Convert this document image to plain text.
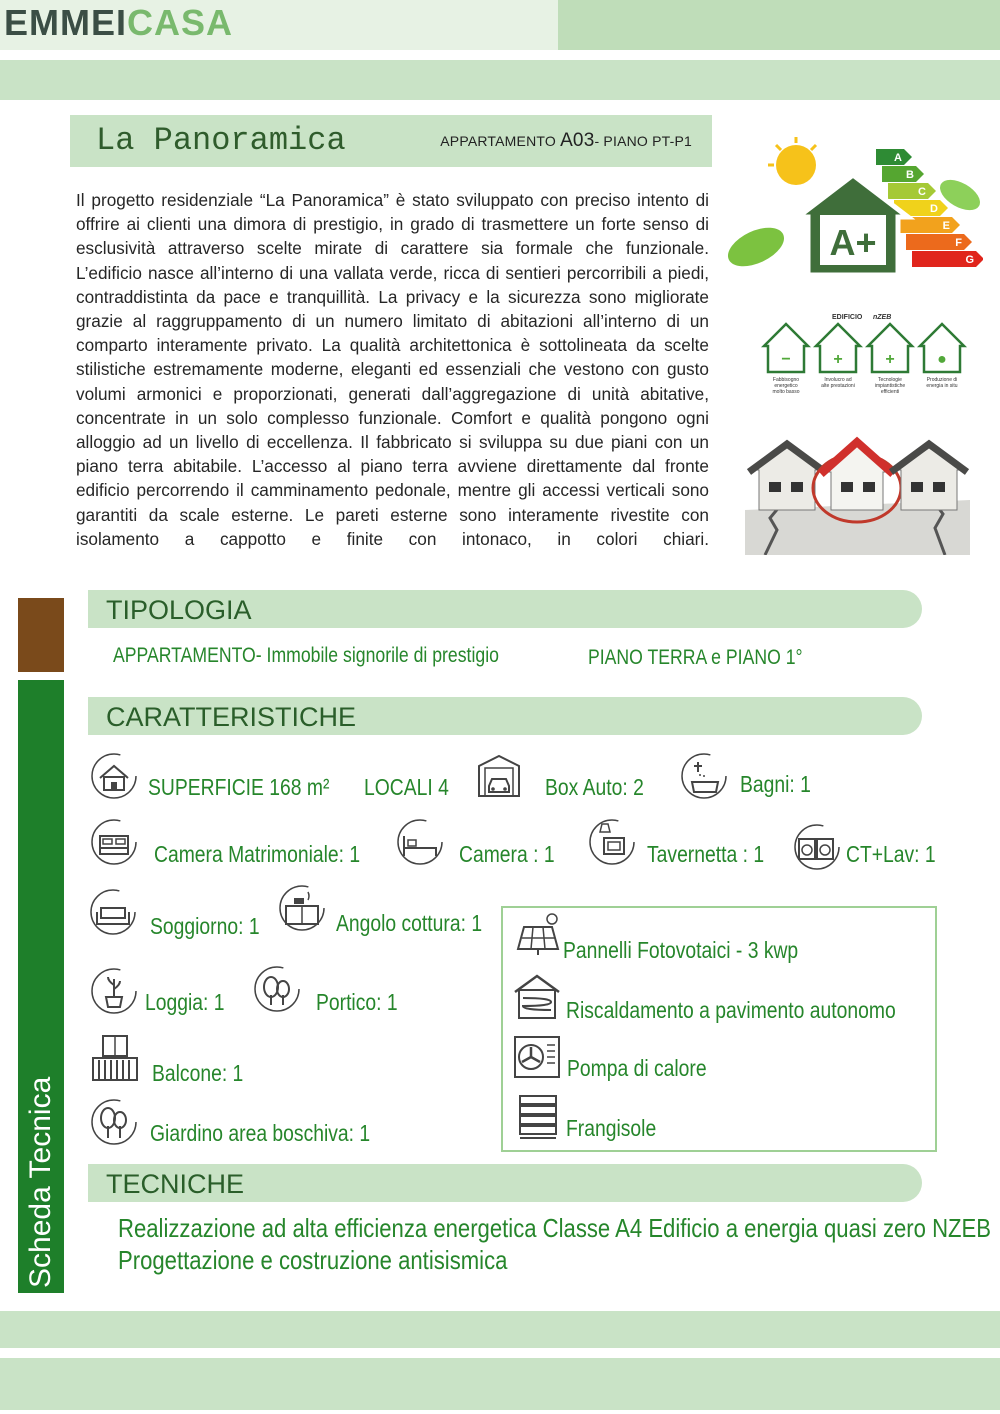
EMMEICASA
La Panoramica	APPARTAMENTO A03- PIANO PT-P1
Il progetto residenziale “La Panoramica” è stato sviluppato con preciso intento di offrire ai clienti una dimora di prestigio, in grado di trasmettere un forte senso di esclusività attraverso scelte mirate di carattere sia formale che funzionale. L’edificio nasce all’interno di una vallata verde, ricca di sentieri percorribili a piedi, contraddistinta da pace e tranquillità. La privacy e la sicurezza sono migliorate grazie al raggruppamento di un numero limitato di abitazioni all’interno di un comparto interamente privato. La qualità architettonica è sottolineata da scelte stilistiche estremamente moderne, eleganti ed essenziali che vestono con gusto volumi armonici e proporzionati, generati dall’aggregazione di unità abitative, concentrate in un solo complesso funzionale. Comfort e qualità pongono ogni alloggio ad un livello di eccellenza. Il fabbricato si sviluppa su due piani con un piano terra abitabile. L’accesso al piano terra avviene direttamente dal fronte edificio percorrendo il camminamento pedonale, mentre gli accessi verticali sono garantiti da scale esterne. Le pareti esterne sono interamente rivestite con isolamento a cappotto e finite con intonaco, in colori chiari.
A
B
C
D
E
F
G
A+
EDIFICIO nZEB
−
Fabbisogno
energetico
molto basso
+
Involucro ad
alte prestazioni
+
Tecnologie
impiantistiche
efficienti
●
Produzione di
energia in situ
Scheda Tecnica
TIPOLOGIA
APPARTAMENTO- Immobile signorile di prestigio	PIANO TERRA e PIANO 1°
CARATTERISTICHE
SUPERFICIE 168 m² LOCALI 4	Box Auto: 2	Bagni: 1
Camera Matrimoniale: 1	Camera : 1	Tavernetta : 1	CT+Lav: 1
Soggiorno: 1	Angolo cottura: 1
Loggia: 1	Portico: 1
Balcone: 1
Giardino area boschiva: 1
Pannelli Fotovotaici - 3 kwp
Riscaldamento a pavimento autonomo
Pompa di calore
Frangisole
TECNICHE
Realizzazione ad alta efficienza energetica Classe A4 Edificio a energia quasi zero NZEB
Progettazione e costruzione antisismica
